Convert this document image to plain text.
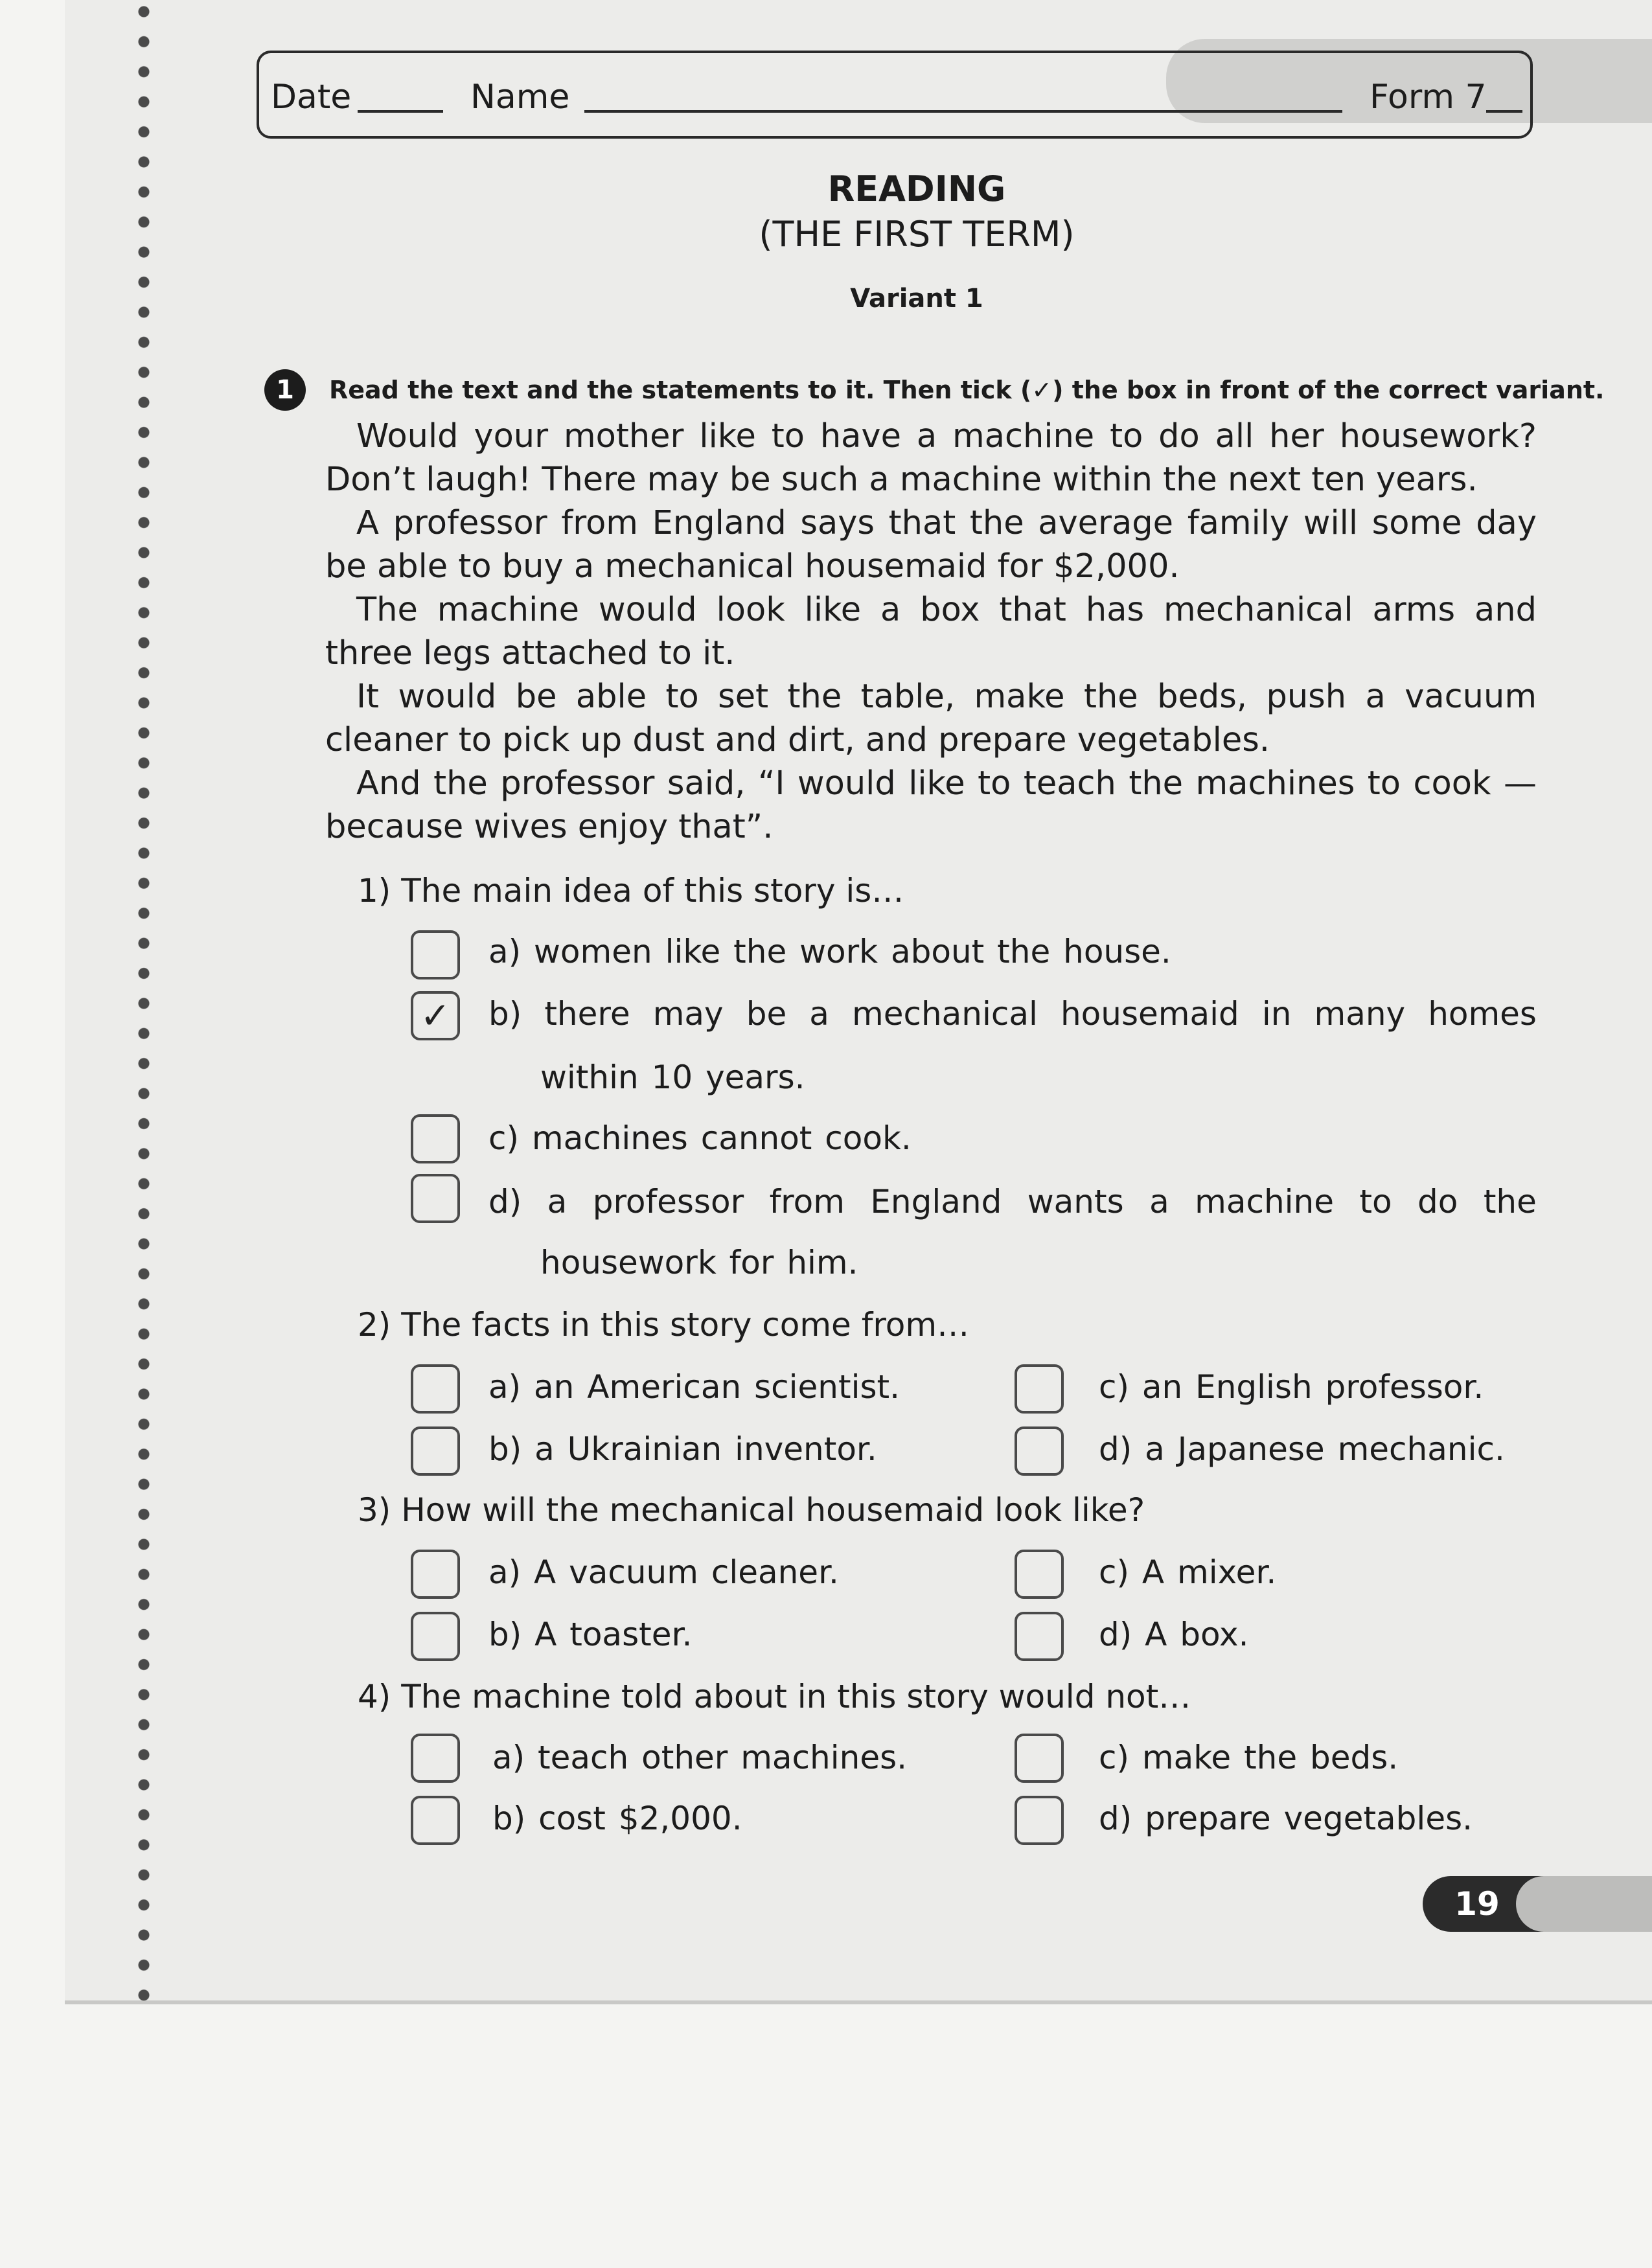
Date	Name	Form 7
READING
(THE FIRST TERM)
Variant 1
1	Read the text and the statements to it. Then tick ( ✓ ) the box in front of the correct variant.

Would your mother like to have a machine to do all her housework? Don’t laugh! There may be such a machine within the next ten years.

A professor from England says that the average family will some day be able to buy a mechanical housemaid for $2,000.

The machine would look like a box that has mechanical arms and three legs attached to it.

It would be able to set the table, make the beds, push a vacuum cleaner to pick up dust and dirt, and prepare vegetables.

And the professor said, “I would like to teach the machines to cook — because wives enjoy that”.

1) The main idea of this story is…
a) women like the work about the house.
✓ b) there may be a mechanical housemaid in many homes
within 10 years.
c) machines cannot cook.
d) a professor from England wants a machine to do the
housework for him.
2) The facts in this story come from…
a) an American scientist.
b) a Ukrainian inventor.
c) an English professor.
d) a Japanese mechanic.
3) How will the mechanical housemaid look like?
a) A vacuum cleaner.
b) A toaster.
c) A mixer.
d) A box.
4) The machine told about in this story would not…
a) teach other machines.
b) cost $2,000.
c) make the beds.
d) prepare vegetables.
19
